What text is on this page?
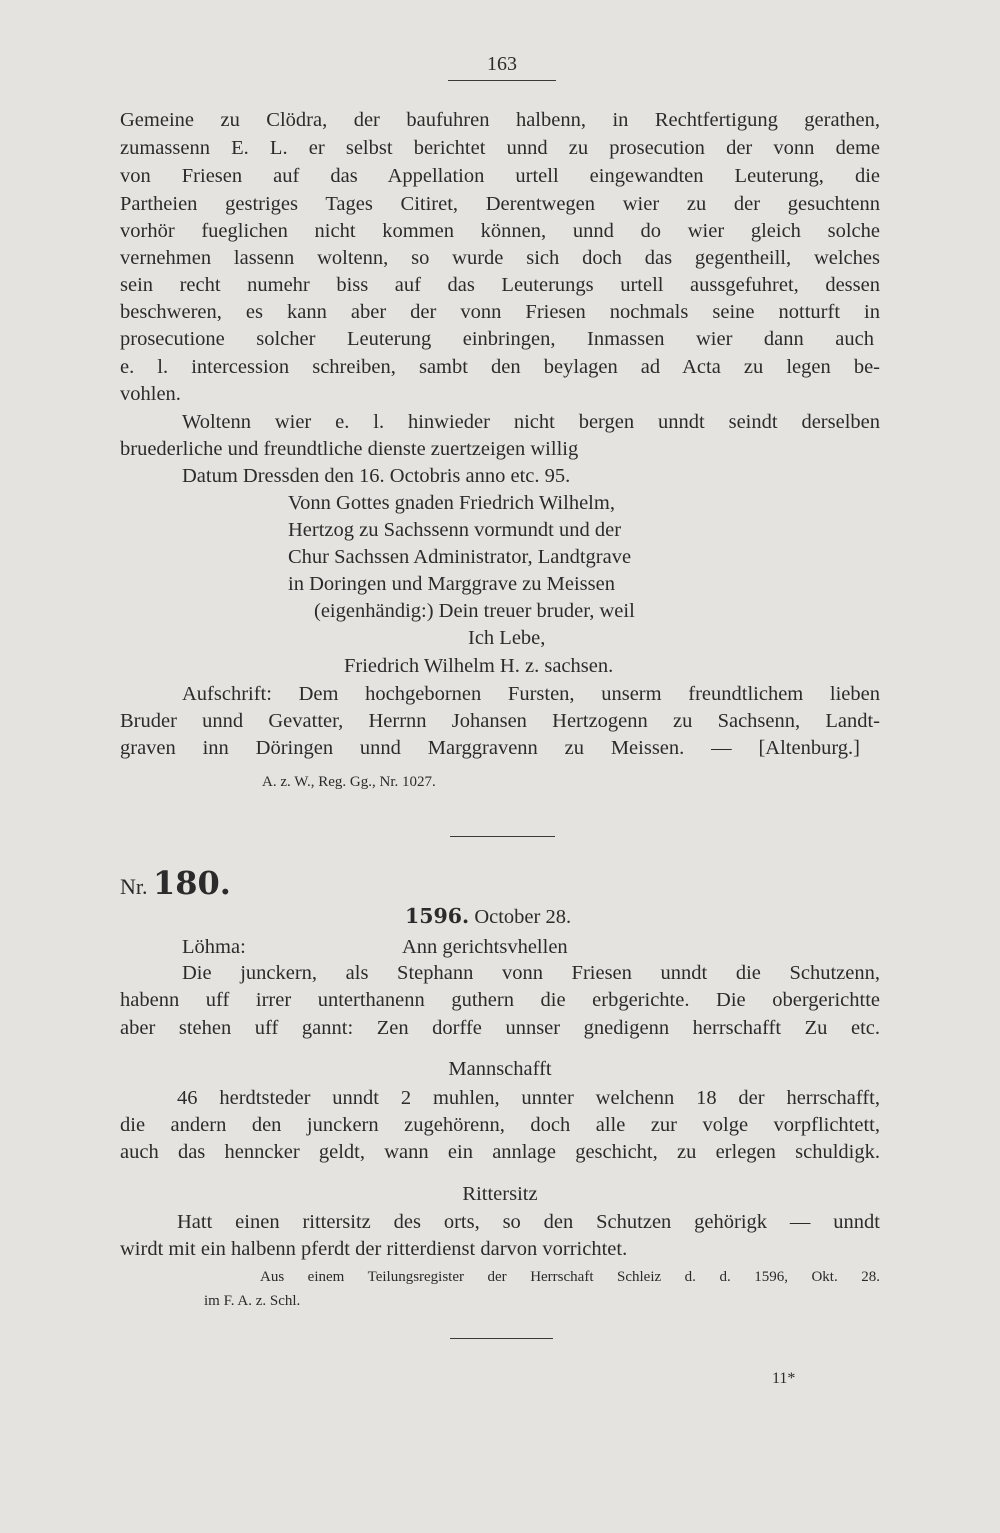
163
Gemeine zu Clödra, der baufuhren halbenn, in Rechtfertigung gerathen,
zumassenn E. L. er selbst berichtet unnd zu prosecution der vonn deme
von Friesen auf das Appellation urtell eingewandten Leuterung, die
Partheien gestriges Tages Citiret, Derentwegen wier zu der gesuchtenn
vorhör fueglichen nicht kommen können, unnd do wier gleich solche
vernehmen lassenn woltenn, so wurde sich doch das gegentheill, welches
sein recht numehr biss auf das Leuterungs urtell aussgefuhret, dessen
beschweren, es kann aber der vonn Friesen nochmals seine notturft in
prosecutione solcher Leuterung einbringen, Inmassen wier dann auch
e. l. intercession schreiben, sambt den beylagen ad Acta zu legen be-
vohlen.
Woltenn wier e. l. hinwieder nicht bergen unndt seindt derselben
bruederliche und freundtliche dienste zuertzeigen willig
Datum Dressden den 16. Octobris anno etc. 95.
Vonn Gottes gnaden Friedrich Wilhelm,
Hertzog zu Sachssenn vormundt und der
Chur Sachssen Administrator, Landtgrave
in Doringen und Marggrave zu Meissen
(eigenhändig:) Dein treuer bruder, weil
Ich Lebe,
Friedrich Wilhelm H. z. sachsen.
Aufschrift: Dem hochgebornen Fursten, unserm freundtlichem lieben
Bruder unnd Gevatter, Herrnn Johansen Hertzogenn zu Sachsenn, Landt-
graven inn Döringen unnd Marggravenn zu Meissen. — [Altenburg.]
A. z. W., Reg. Gg., Nr. 1027.
Nr. 180.
1596. October 28.
Löhma:	Ann gerichtsvhellen
Die junckern, als Stephann vonn Friesen unndt die Schutzenn,
habenn uff irrer unterthanenn guthern die erbgerichte. Die obergerichtte
aber stehen uff gannt: Zen dorffe unnser gnedigenn herrschafft Zu etc.
Mannschafft
46 herdtsteder unndt 2 muhlen, unnter welchenn 18 der herrschafft,
die andern den junckern zugehörenn, doch alle zur volge vorpflichtett,
auch das henncker geldt, wann ein annlage geschicht, zu erlegen schuldigk.
Rittersitz
Hatt einen rittersitz des orts, so den Schutzen gehörigk — unndt
wirdt mit ein halbenn pferdt der ritterdienst darvon vorrichtet.
Aus einem Teilungsregister der Herrschaft Schleiz d. d. 1596, Okt. 28.
im F. A. z. Schl.
11*
